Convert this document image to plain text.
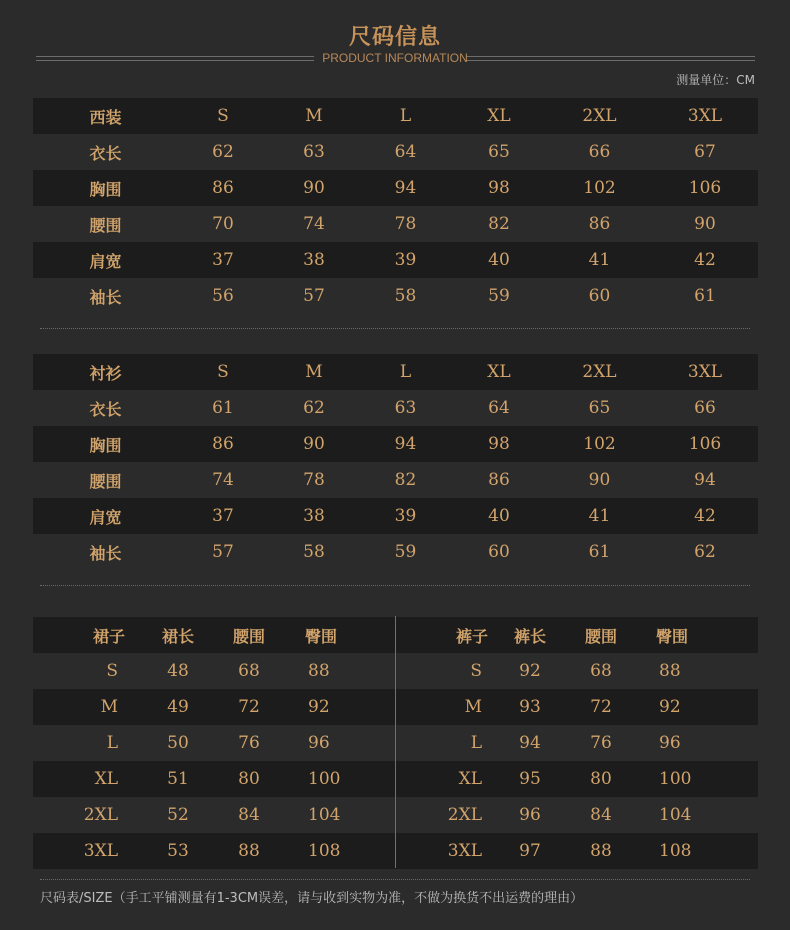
尺码信息
PRODUCT INFORMATION
测量单位：CM
西装	S	M	L	XL	2XL	3XL
衣长	62	63	64	65	66	67
胸围	86	90	94	98	102	106
腰围	70	74	78	82	86	90
肩宽	37	38	39	40	41	42
袖长	56	57	58	59	60	61
衬衫	S	M	L	XL	2XL	3XL
衣长	61	62	63	64	65	66
胸围	86	90	94	98	102	106
腰围	74	78	82	86	90	94
肩宽	37	38	39	40	41	42
袖长	57	58	59	60	61	62
裙子	裙长	腰围	臀围	裤子	裤长	腰围	臀围
S	48	68	88	S	92	68	88
M	49	72	92	M	93	72	92
L	50	76	96	L	94	76	96
XL	51	80	100	XL	95	80	100
2XL	52	84	104	2XL	96	84	104
3XL	53	88	108	3XL	97	88	108
尺码表/SIZE（手工平铺测量有1-3CM误差，请与收到实物为准，不做为换货不出运费的理由）
